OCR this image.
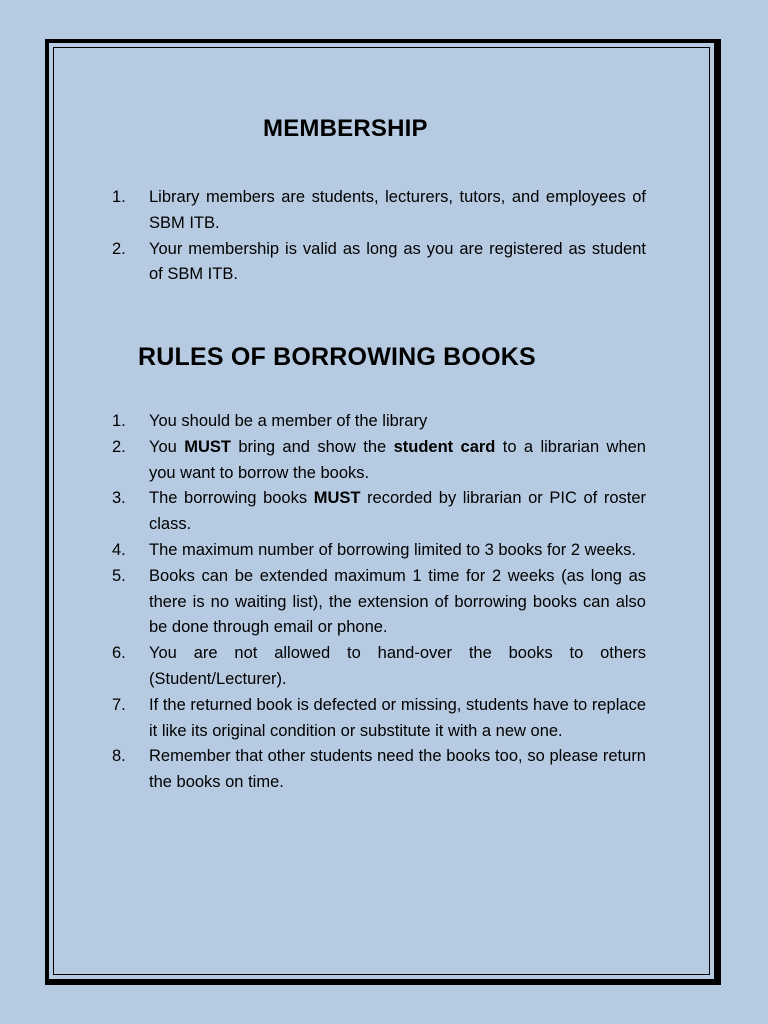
MEMBERSHIP
1. Library members are students, lecturers, tutors, and employees of SBM ITB.
2. Your membership is valid as long as you are registered as student of SBM ITB.
RULES OF BORROWING BOOKS
1. You should be a member of the library
2. You MUST bring and show the student card to a librarian when you want to borrow the books.
3. The borrowing books MUST recorded by librarian or PIC of roster class.
4. The maximum number of borrowing limited to 3 books for 2 weeks.
5. Books can be extended maximum 1 time for 2 weeks (as long as there is no waiting list), the extension of borrowing books can also be done through email or phone.
6. You are not allowed to hand-over the books to others (Student/Lecturer).
7. If the returned book is defected or missing, students have to replace it like its original condition or substitute it with a new one.
8. Remember that other students need the books too, so please return the books on time.
